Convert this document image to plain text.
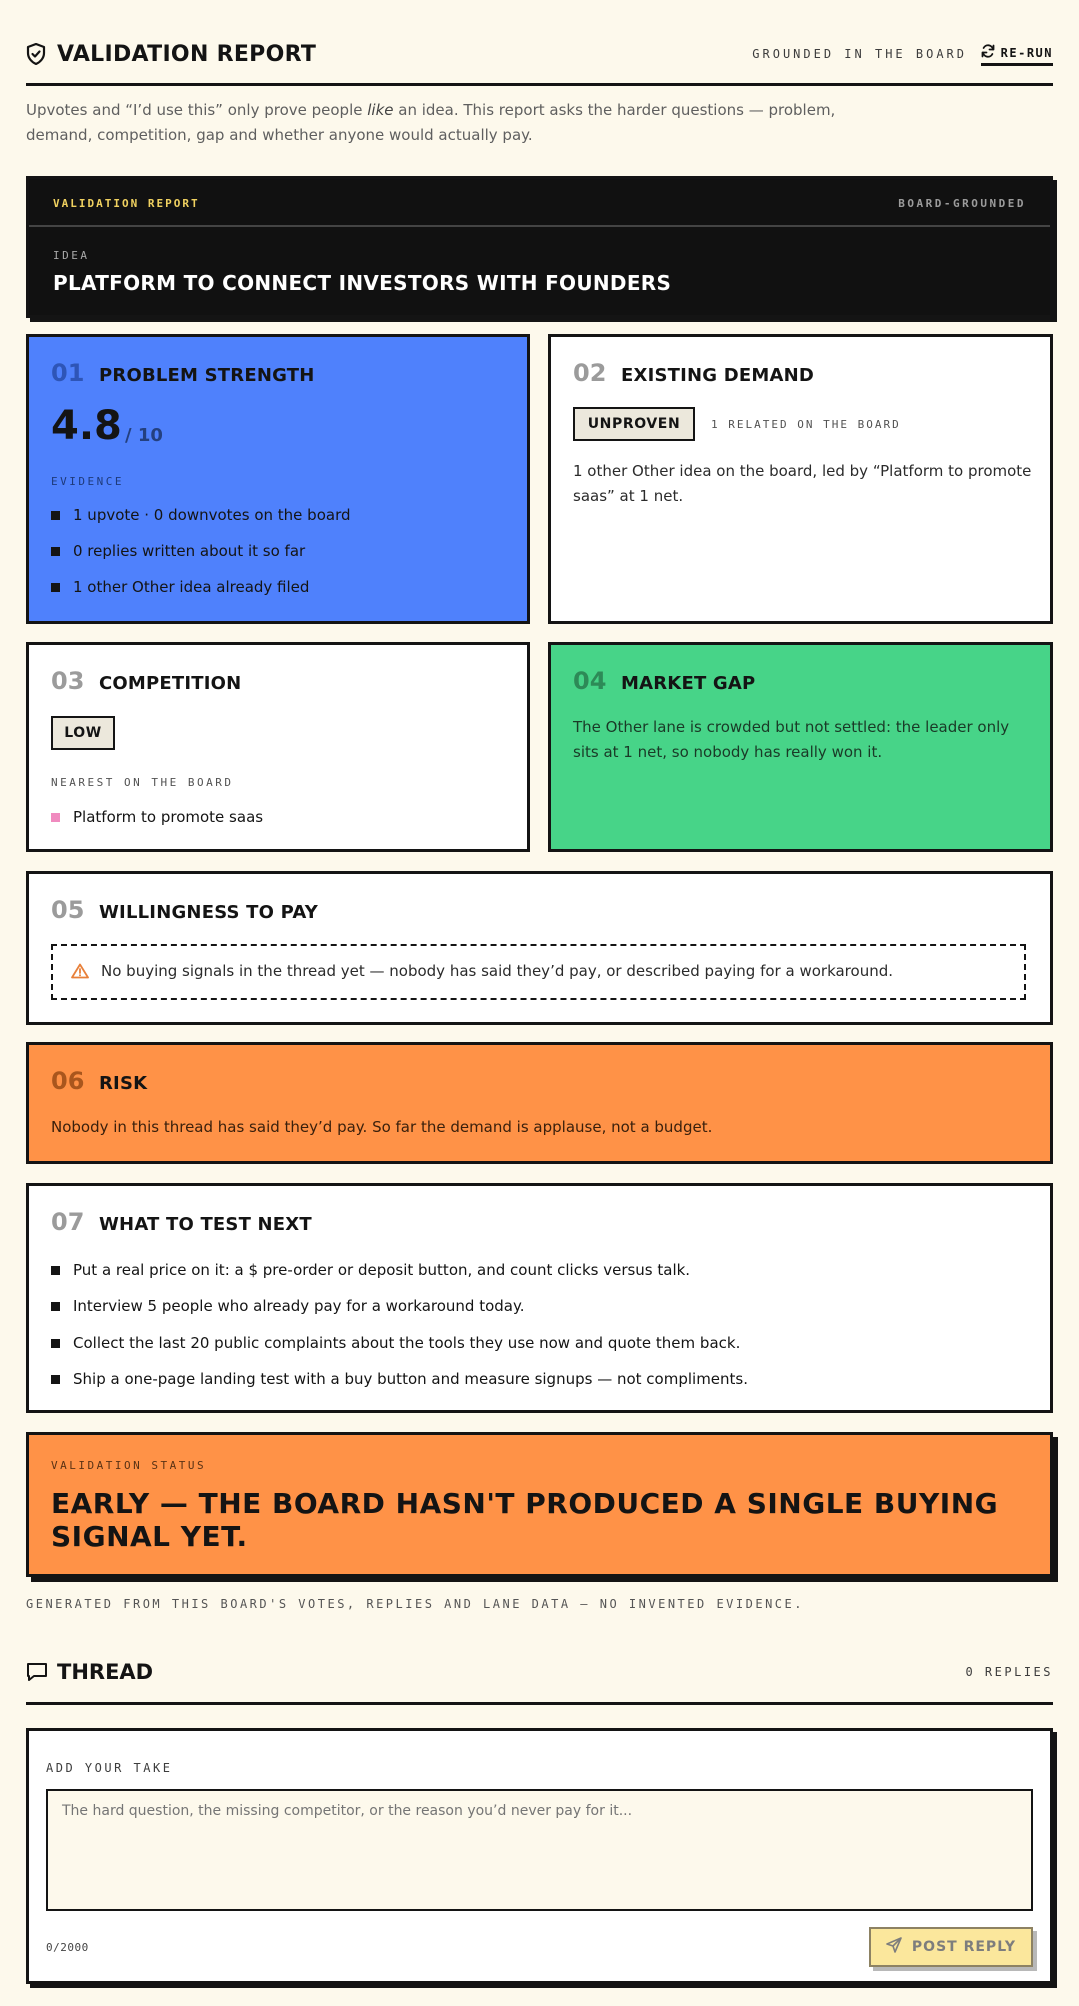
VALIDATION REPORT	GROUNDED IN THE BOARD	RE-RUN

Upvotes and “I’d use this” only prove people like an idea. This report asks the harder questions — problem, demand, competition, gap and whether anyone would actually pay.

VALIDATION REPORT	BOARD-GROUNDED
IDEA
PLATFORM TO CONNECT INVESTORS WITH FOUNDERS
01 PROBLEM STRENGTH
4.8 / 10
EVIDENCE
1 upvote · 0 downvotes on the board
0 replies written about it so far
1 other Other idea already filed
02 EXISTING DEMAND
UNPROVEN	1 RELATED ON THE BOARD

1 other Other idea on the board, led by “Platform to promote saas” at 1 net.

03 COMPETITION
LOW
NEAREST ON THE BOARD
Platform to promote saas
04 MARKET GAP

The Other lane is crowded but not settled: the leader only sits at 1 net, so nobody has really won it.

05 WILLINGNESS TO PAY
No buying signals in the thread yet — nobody has said they’d pay, or described paying for a workaround.
06 RISK

Nobody in this thread has said they’d pay. So far the demand is applause, not a budget.

07 WHAT TO TEST NEXT
Put a real price on it: a $ pre-order or deposit button, and count clicks versus talk.
Interview 5 people who already pay for a workaround today.
Collect the last 20 public complaints about the tools they use now and quote them back.
Ship a one-page landing test with a buy button and measure signups — not compliments.
VALIDATION STATUS
EARLY — THE BOARD HASN'T PRODUCED A SINGLE BUYING SIGNAL YET.

GENERATED FROM THIS BOARD'S VOTES, REPLIES AND LANE DATA — NO INVENTED EVIDENCE.

THREAD	0 REPLIES
ADD YOUR TAKE
The hard question, the missing competitor, or the reason you’d never pay for it...
0/2000	POST REPLY
